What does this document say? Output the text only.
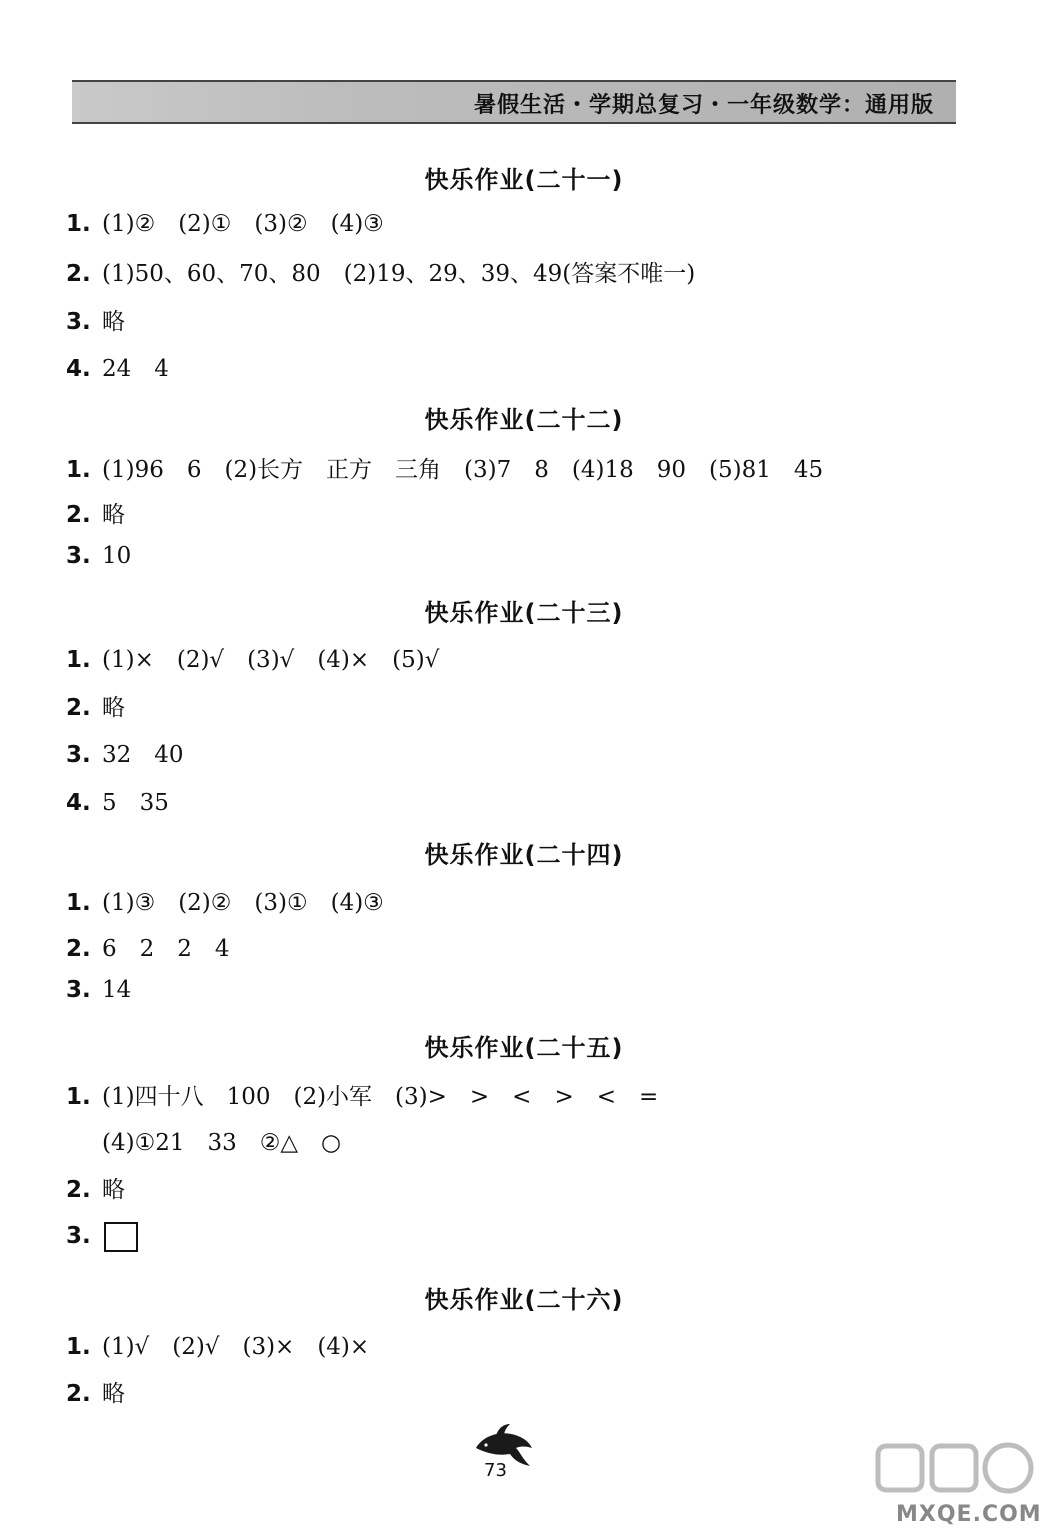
暑假生活・学期总复习・一年级数学：通用版
快乐作业(二十一)
1. (1)②　(2)①　(3)②　(4)③
2. (1)50、60、70、80　(2)19、29、39、49(答案不唯一)
3. 略
4. 24　4
快乐作业(二十二)
1. (1)96　6　(2)长方　正方　三角　(3)7　8　(4)18　90　(5)81　45
2. 略
3. 10
快乐作业(二十三)
1. (1)×　(2)√　(3)√　(4)×　(5)√
2. 略
3. 32　40
4. 5　35
快乐作业(二十四)
1. (1)③　(2)②　(3)①　(4)③
2. 6　2　2　4
3. 14
快乐作业(二十五)
1. (1)四十八　100　(2)小军　(3)>　>　<　>　<　=
(4)①21　33　②△　○
2. 略
3.
快乐作业(二十六)
1. (1)√　(2)√　(3)×　(4)×
2. 略
73
MXQE.COM
